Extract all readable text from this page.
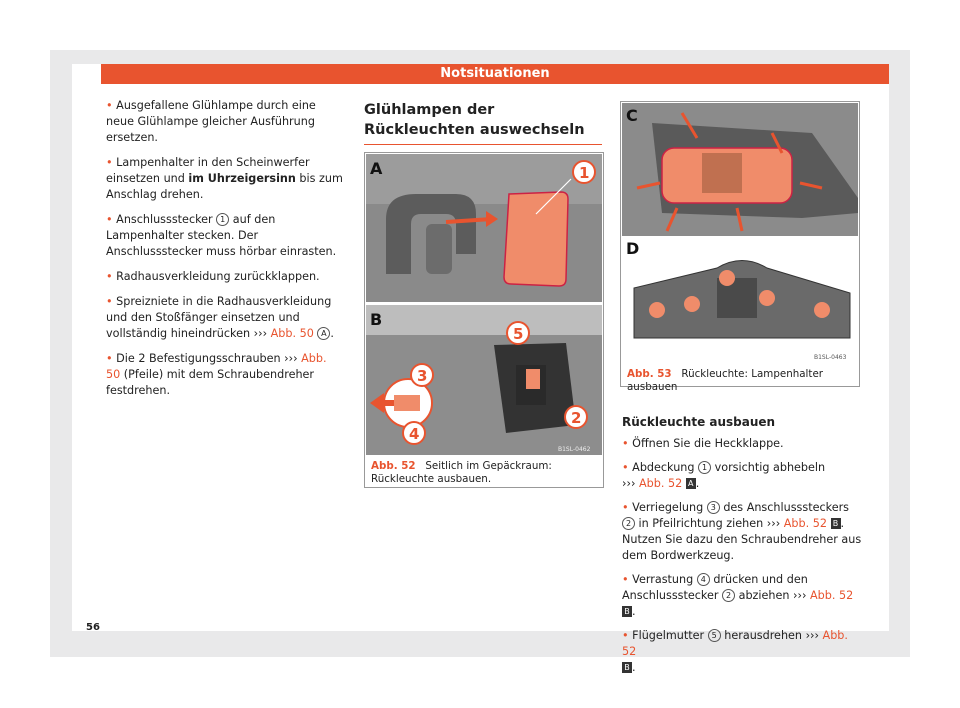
Notsituationen

• Ausgefallene Glühlampe durch eine neue Glühlampe gleicher Ausführung ersetzen.

• Lampenhalter in den Scheinwerfer einsetzen und im Uhrzeigersinn bis zum Anschlag drehen.

• Anschlussstecker 1 auf den Lampenhalter stecken. Der Anschlussstecker muss hörbar einrasten.

• Radhausverkleidung zurückklappen.

• Spreizniete in die Radhausverkleidung und den Stoßfänger einsetzen und vollständig hineindrücken ››› Abb. 50 A .

• Die 2 Befestigungsschrauben ››› Abb. 50 (Pfeile) mit dem Schraubendreher festdrehen.

Glühlampen der Rückleuchten auswechseln
A	1
B
5
3
4
2
B1SL-0462
Abb. 52 Seitlich im Gepäckraum: Rückleuchte ausbauen.
C
D
B1SL-0463
Abb. 53 Rückleuchte: Lampenhalter ausbauen
Rückleuchte ausbauen

• Öffnen Sie die Heckklappe.

• Abdeckung 1 vorsichtig abhebeln
››› Abb. 52 A .

• Verriegelung 3 des Anschlusssteckers 2 in Pfeilrichtung ziehen ››› Abb. 52 B . Nutzen Sie dazu den Schraubendreher aus dem Bordwerkzeug.

• Verrastung 4 drücken und den Anschlussstecker 2 abziehen ››› Abb. 52 B .

• Flügelmutter 5 herausdrehen ››› Abb. 52
B .

56
